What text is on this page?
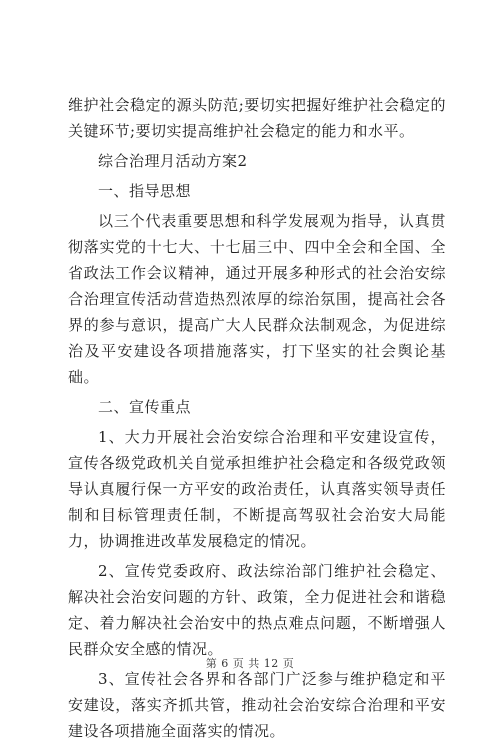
维护社会稳定的源头防范;要切实把握好维护社会稳定的关键环节;要切实提高维护社会稳定的能力和水平。

综合治理月活动方案2

一、指导思想

以三个代表重要思想和科学发展观为指导，认真贯彻落实党的十七大、十七届三中、四中全会和全国、全省政法工作会议精神，通过开展多种形式的社会治安综合治理宣传活动营造热烈浓厚的综治氛围，提高社会各界的参与意识，提高广大人民群众法制观念，为促进综治及平安建设各项措施落实，打下坚实的社会舆论基础。

二、宣传重点

1、大力开展社会治安综合治理和平安建设宣传，宣传各级党政机关自觉承担维护社会稳定和各级党政领导认真履行保一方平安的政治责任，认真落实领导责任制和目标管理责任制，不断提高驾驭社会治安大局能力，协调推进改革发展稳定的情况。

2、宣传党委政府、政法综治部门维护社会稳定、解决社会治安问题的方针、政策，全力促进社会和谐稳定、着力解决社会治安中的热点难点问题，不断增强人民群众安全感的情况。

3、宣传社会各界和各部门广泛参与维护稳定和平安建设，落实齐抓共管，推动社会治安综合治理和平安建设各项措施全面落实的情况。

第 6 页 共 12 页
